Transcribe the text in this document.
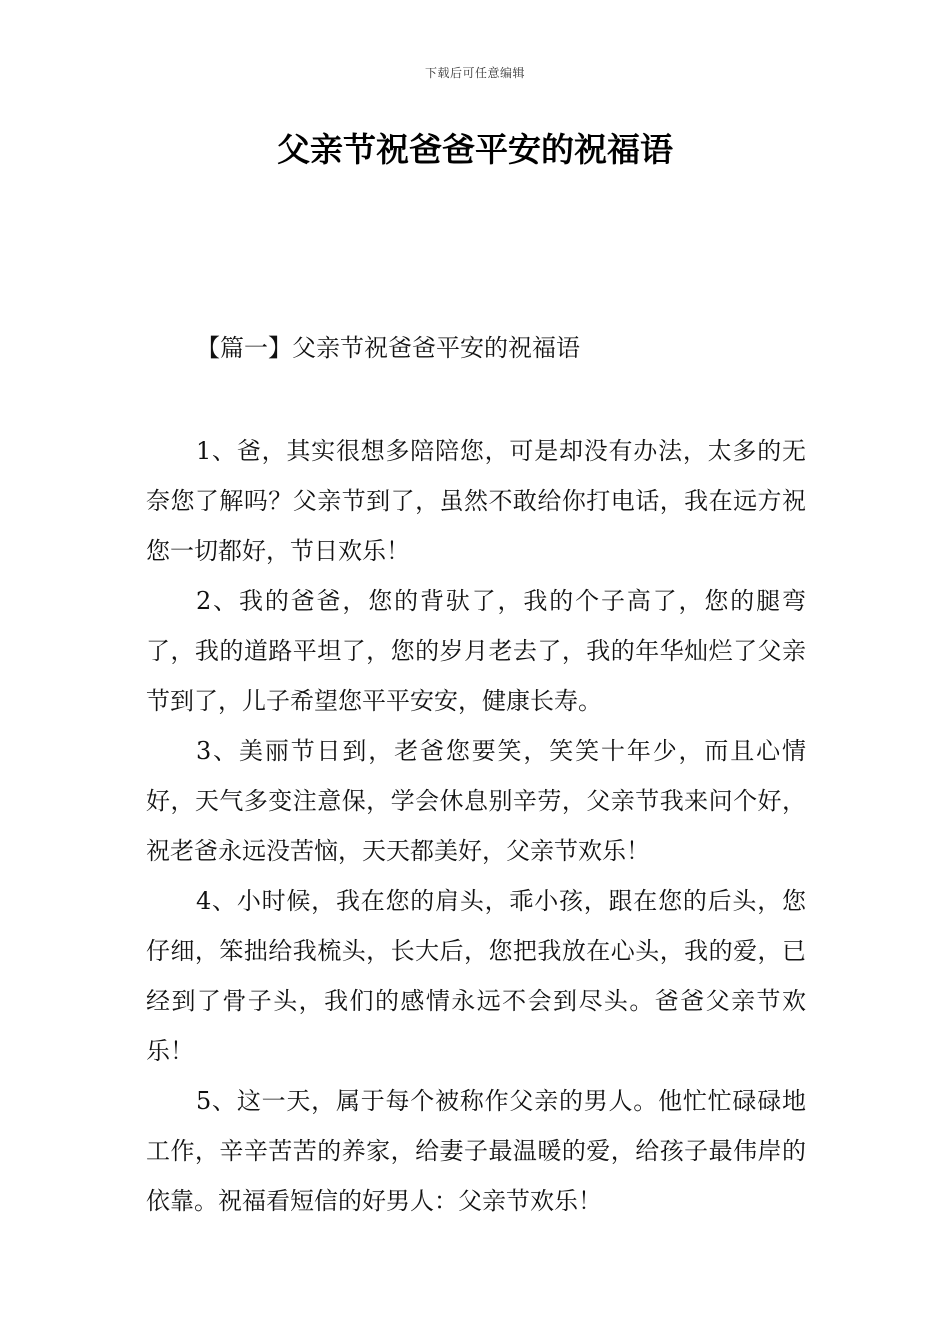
下载后可任意编辑
父亲节祝爸爸平安的祝福语
【篇一】父亲节祝爸爸平安的祝福语

1、爸，其实很想多陪陪您，可是却没有办法，太多的无奈您了解吗？父亲节到了，虽然不敢给你打电话，我在远方祝您一切都好，节日欢乐！

2、我的爸爸，您的背驮了，我的个子高了，您的腿弯了，我的道路平坦了，您的岁月老去了，我的年华灿烂了父亲节到了，儿子希望您平平安安，健康长寿。

3、美丽节日到，老爸您要笑，笑笑十年少，而且心情好，天气多变注意保，学会休息别辛劳，父亲节我来问个好，祝老爸永远没苦恼，天天都美好，父亲节欢乐！

4、小时候，我在您的肩头，乖小孩，跟在您的后头，您仔细，笨拙给我梳头，长大后，您把我放在心头，我的爱，已经到了骨子头，我们的感情永远不会到尽头。爸爸父亲节欢乐！

5、这一天，属于每个被称作父亲的男人。他忙忙碌碌地工作，辛辛苦苦的养家，给妻子最温暖的爱，给孩子最伟岸的依靠。祝福看短信的好男人：父亲节欢乐！
